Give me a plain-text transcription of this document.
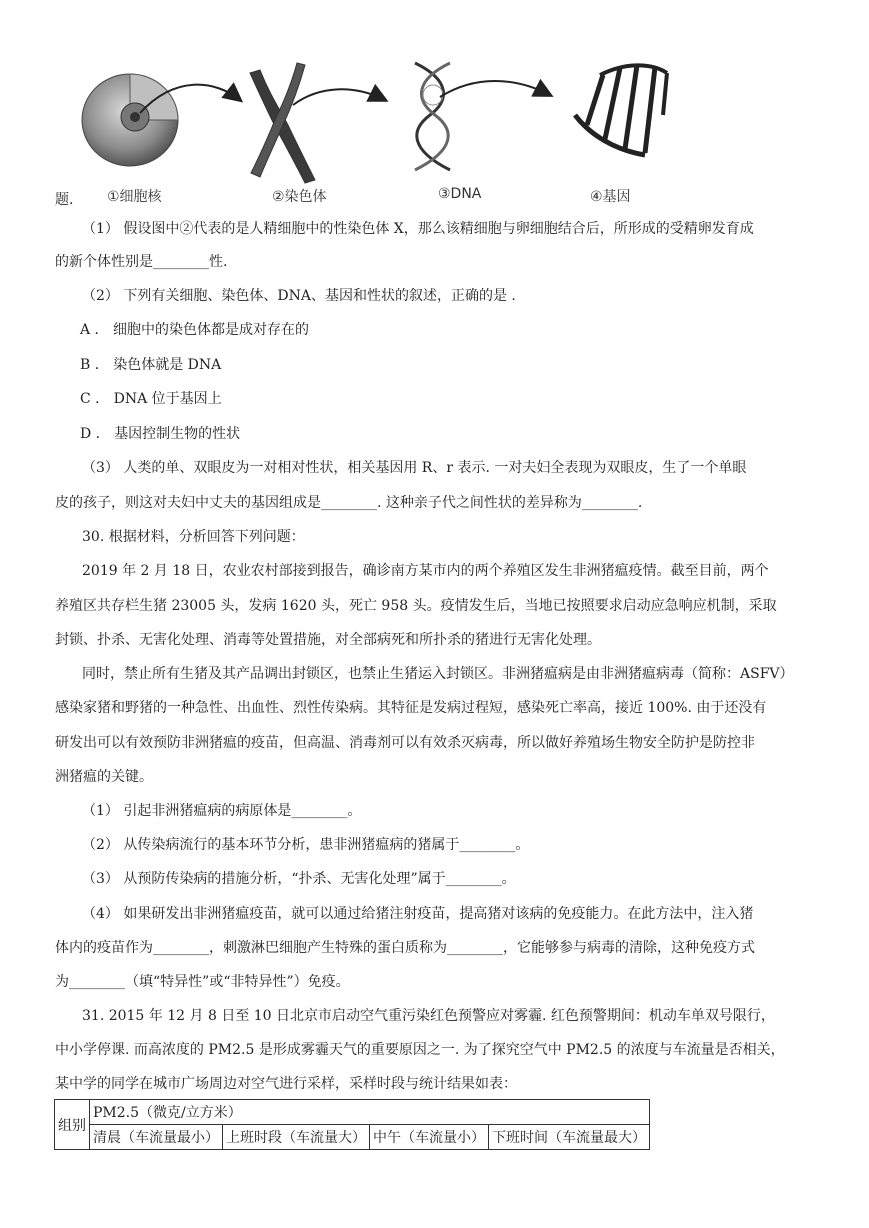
题. ①细胞核	②染色体	③DNA	④基因
（1） 假设图中②代表的是人精细胞中的性染色体 X，那么该精细胞与卵细胞结合后，所形成的受精卵发育成
的新个体性别是________性.
（2） 下列有关细胞、染色体、DNA、基因和性状的叙述，正确的是 .
A ． 细胞中的染色体都是成对存在的
B ． 染色体就是 DNA
C ． DNA 位于基因上
D ． 基因控制生物的性状
（3） 人类的单、双眼皮为一对相对性状，相关基因用 R、r 表示. 一对夫妇全表现为双眼皮，生了一个单眼
皮的孩子，则这对夫妇中丈夫的基因组成是________. 这种亲子代之间性状的差异称为________.
30. 根据材料，分析回答下列问题：
2019 年 2 月 18 日，农业农村部接到报告，确诊南方某市内的两个养殖区发生非洲猪瘟疫情。截至目前，两个
养殖区共存栏生猪 23005 头，发病 1620 头，死亡 958 头。疫情发生后，当地已按照要求启动应急响应机制，采取
封锁、扑杀、无害化处理、消毒等处置措施，对全部病死和所扑杀的猪进行无害化处理。
同时，禁止所有生猪及其产品调出封锁区，也禁止生猪运入封锁区。非洲猪瘟病是由非洲猪瘟病毒（简称：ASFV）
感染家猪和野猪的一种急性、出血性、烈性传染病。其特征是发病过程短，感染死亡率高，接近 100%. 由于还没有
研发出可以有效预防非洲猪瘟的疫苗，但高温、消毒剂可以有效杀灭病毒，所以做好养殖场生物安全防护是防控非
洲猪瘟的关键。
（1） 引起非洲猪瘟病的病原体是________。
（2） 从传染病流行的基本环节分析，患非洲猪瘟病的猪属于________。
（3） 从预防传染病的措施分析，“扑杀、无害化处理”属于________。
（4） 如果研发出非洲猪瘟疫苗，就可以通过给猪注射疫苗，提高猪对该病的免疫能力。在此方法中，注入猪
体内的疫苗作为________，刺激淋巴细胞产生特殊的蛋白质称为________，它能够参与病毒的清除，这种免疫方式
为________（填“特异性”或“非特异性”）免疫。
31. 2015 年 12 月 8 日至 10 日北京市启动空气重污染红色预警应对雾霾. 红色预警期间：机动车单双号限行，
中小学停课. 而高浓度的 PM2.5 是形成雾霾天气的重要原因之一. 为了探究空气中 PM2.5 的浓度与车流量是否相关，
某中学的同学在城市广场周边对空气进行采样，采样时段与统计结果如表：
组别	PM2.5（微克/立方米）			
	清晨（车流量最小）	上班时段（车流量大）	中午（车流量小）	下班时间（车流量最大）
